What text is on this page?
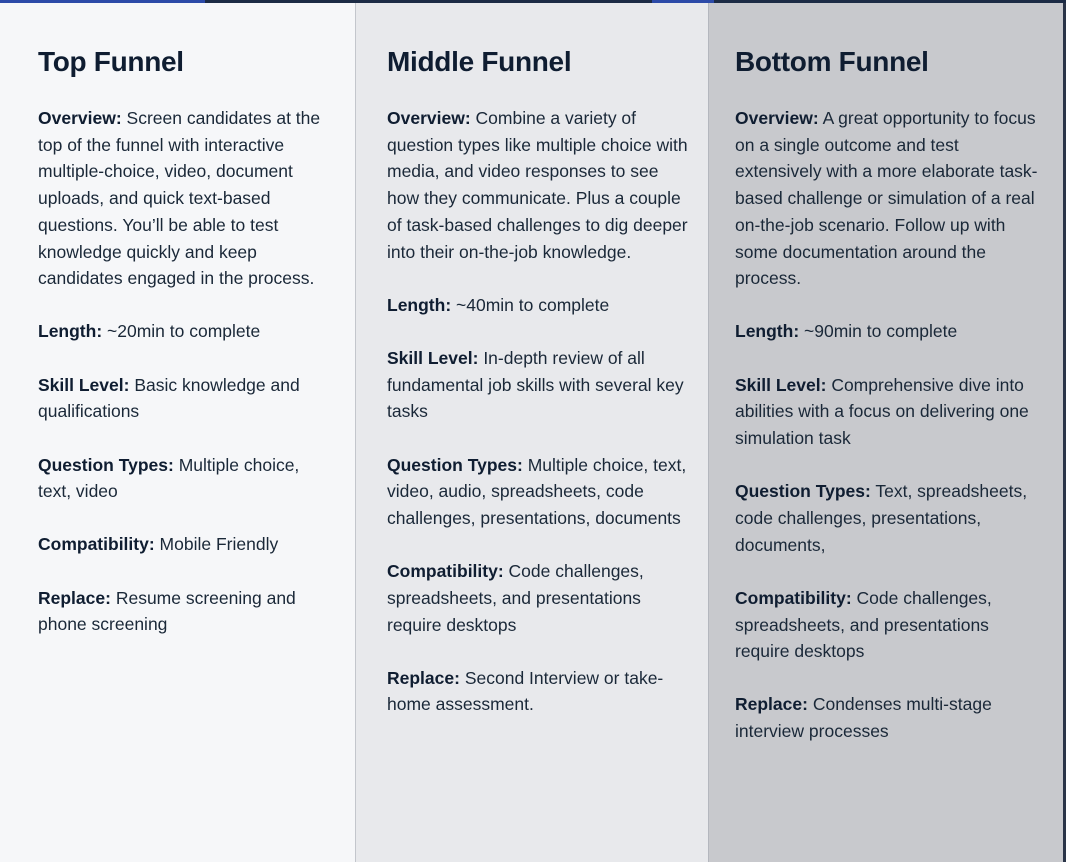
Top Funnel

Overview: Screen candidates at the top of the funnel with interactive multiple-choice, video, document uploads, and quick text-based questions. You’ll be able to test knowledge quickly and keep candidates engaged in the process.

Length: ~20min to complete

Skill Level: Basic knowledge and qualifications

Question Types: Multiple choice, text, video

Compatibility: Mobile Friendly

Replace: Resume screening and phone screening

Middle Funnel

Overview: Combine a variety of question types like multiple choice with media, and video responses to see how they communicate. Plus a couple of task-based challenges to dig deeper into their on-the-job knowledge.

Length: ~40min to complete

Skill Level: In-depth review of all fundamental job skills with several key tasks

Question Types: Multiple choice, text, video, audio, spreadsheets, code challenges, presentations, documents

Compatibility: Code challenges, spreadsheets, and presentations require desktops

Replace: Second Interview or take-home assessment.

Bottom Funnel

Overview: A great opportunity to focus on a single outcome and test extensively with a more elaborate task-based challenge or simulation of a real on-the-job scenario. Follow up with some documentation around the process.

Length: ~90min to complete

Skill Level: Comprehensive dive into abilities with a focus on delivering one simulation task

Question Types: Text, spreadsheets, code challenges, presentations, documents,

Compatibility: Code challenges, spreadsheets, and presentations require desktops

Replace: Condenses multi-stage interview processes
